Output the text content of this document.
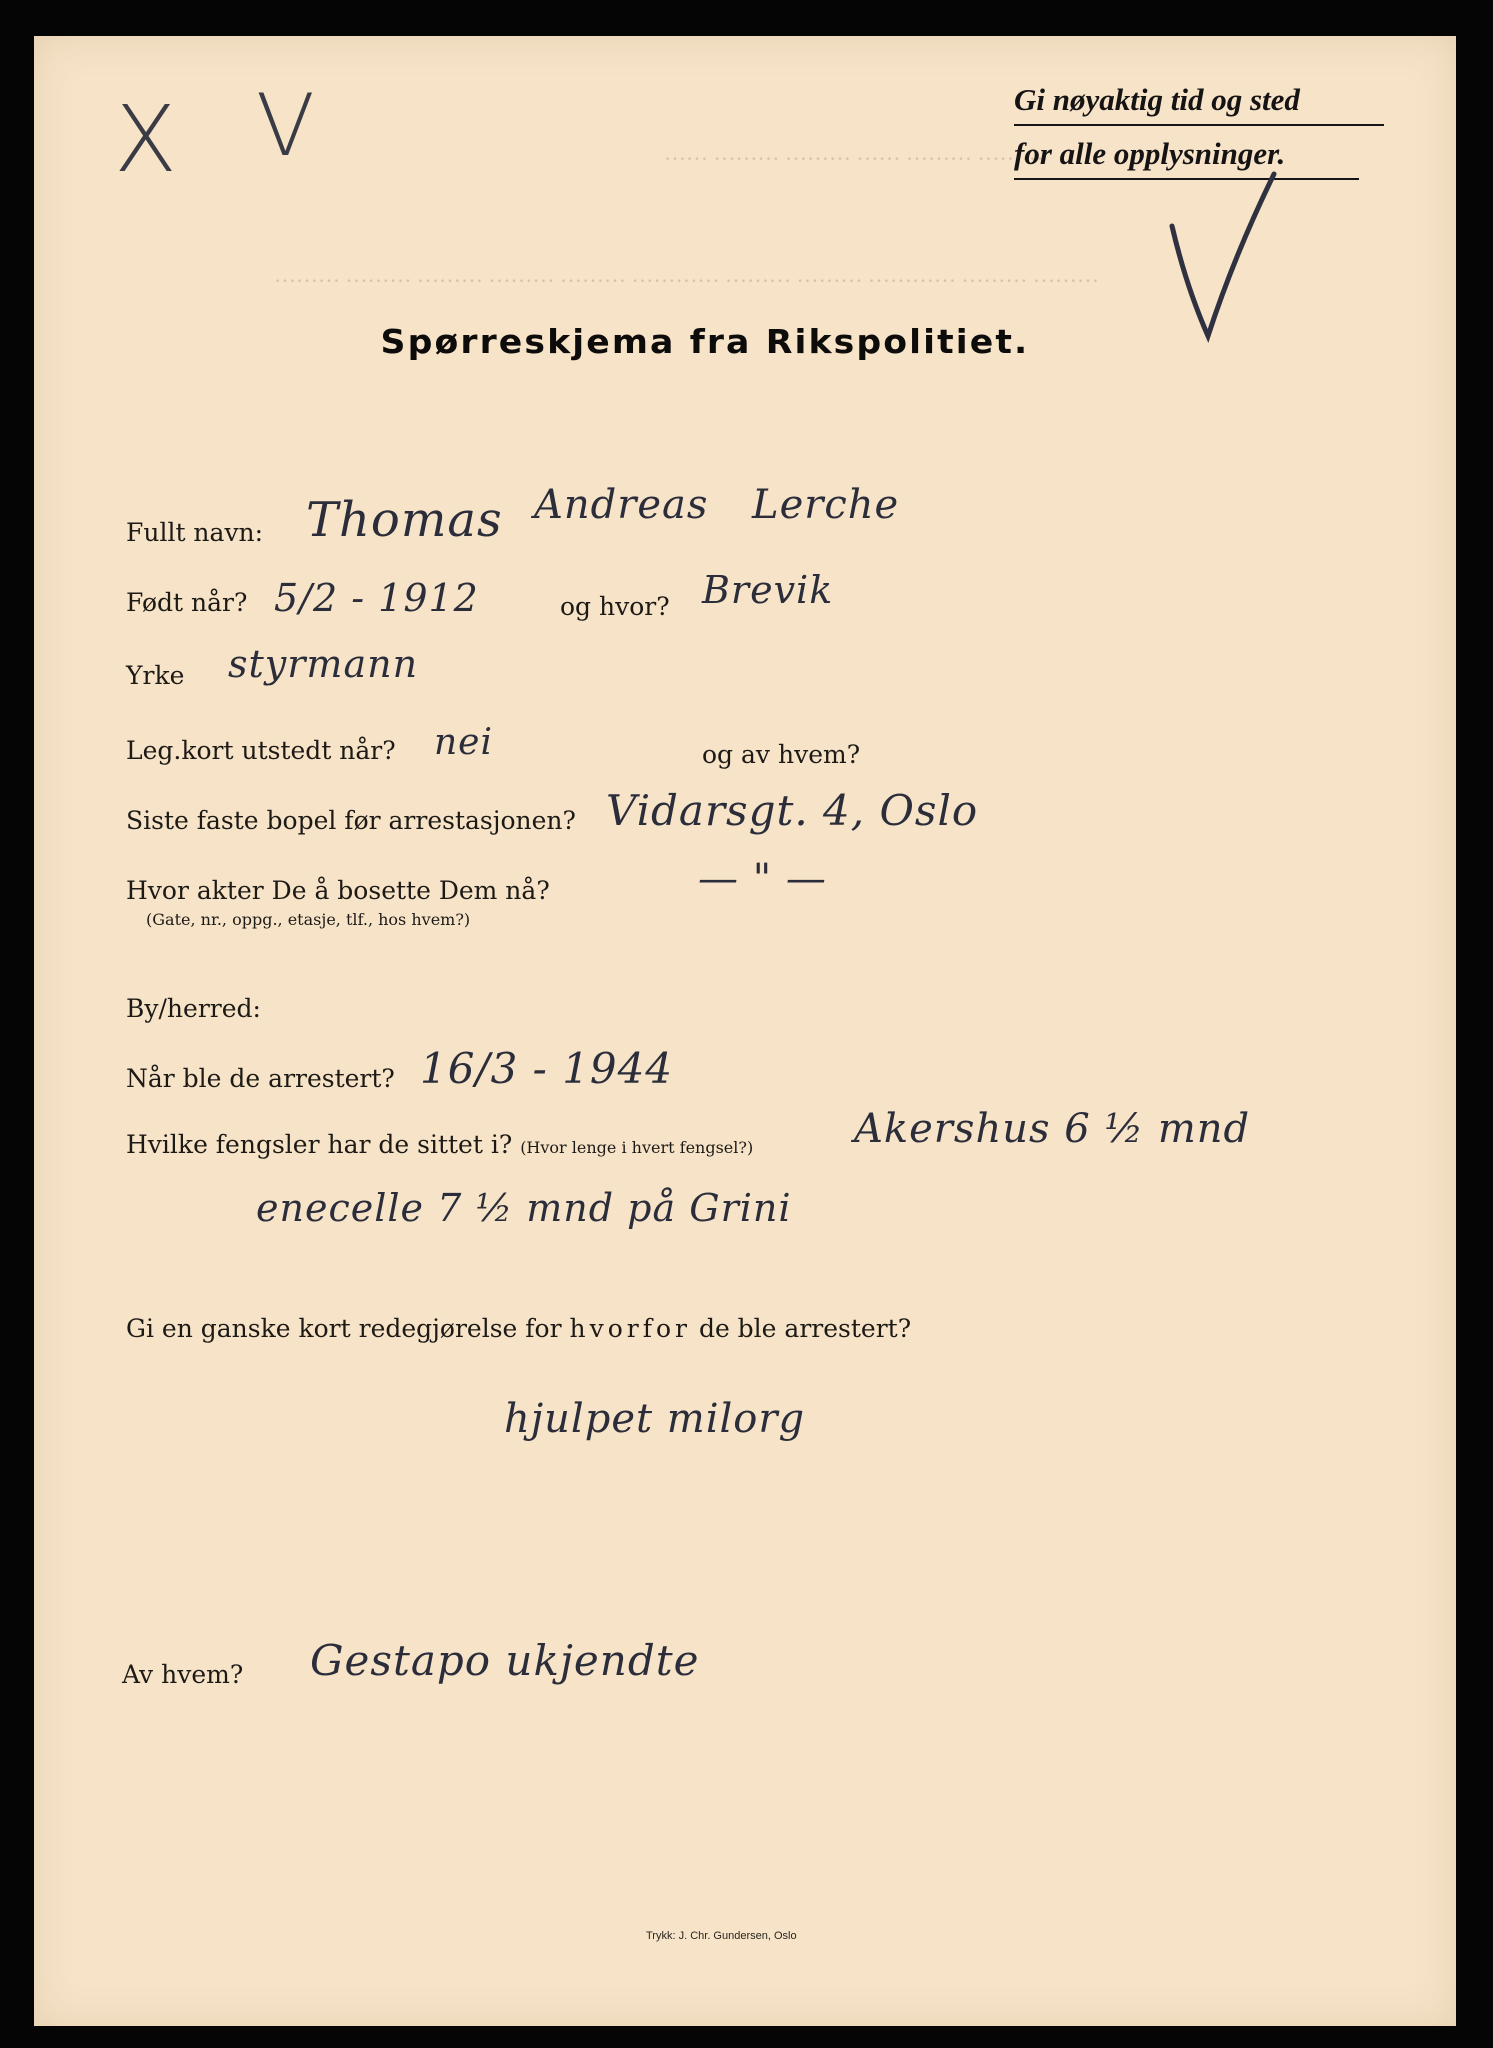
X V	Gi nøyaktig tid og sted
for alle opplysninger.
…… ……… ……… …… ……… ………
……… ……… ……… ……… ……… ………… ……… ……… ………… ……… ………
Spørreskjema fra Rikspolitiet.
Fullt navn: Thomas Andreas Lerche
Født når? 5/2 - 1912	og hvor? Brevik
Yrke styrmann
Leg.kort utstedt når? nei	og av hvem?
Siste faste bopel før arrestasjonen? Vidarsgt. 4, Oslo
Hvor akter De å bosette Dem nå?
(Gate, nr., oppg., etasje, tlf., hos hvem?)
— " —
By/herred:
Når ble de arrestert? 16/3 - 1944
Hvilke fengsler har de sittet i? (Hvor lenge i hvert fengsel?)	Akershus 6 ½ mnd
enecelle 7 ½ mnd på Grini
Gi en ganske kort redegjørelse for hvorfor de ble arrestert?
hjulpet milorg
Av hvem? Gestapo ukjendte
Trykk: J. Chr. Gundersen, Oslo
